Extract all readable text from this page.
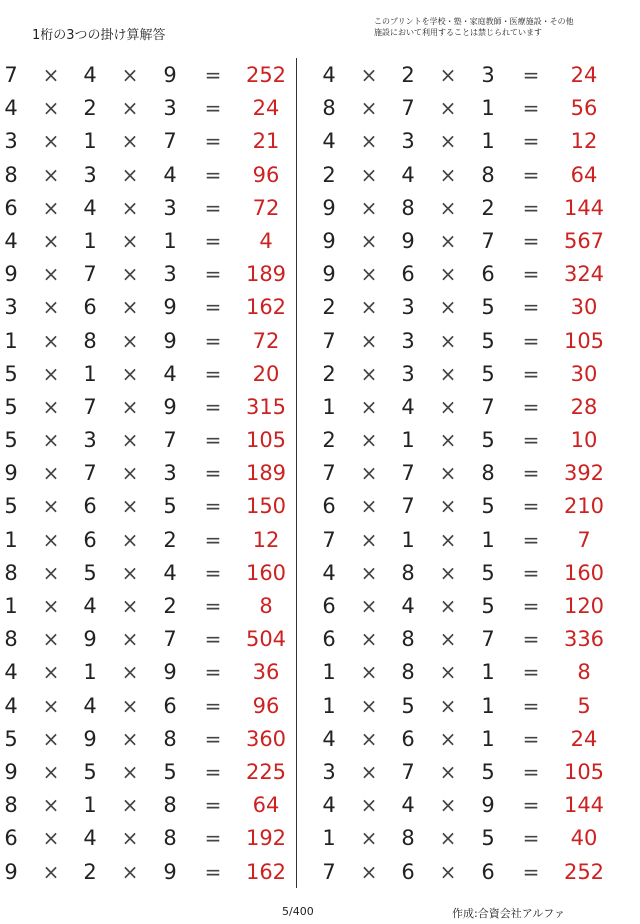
1桁の3つの掛け算解答
このプリントを学校・塾・家庭教師・医療施設・その他
施設において利用することは禁じられています
7	×	4	×	9	=	252
4	×	2	×	3	=	24
3	×	1	×	7	=	21
8	×	3	×	4	=	96
6	×	4	×	3	=	72
4	×	1	×	1	=	4
9	×	7	×	3	=	189
3	×	6	×	9	=	162
1	×	8	×	9	=	72
5	×	1	×	4	=	20
5	×	7	×	9	=	315
5	×	3	×	7	=	105
9	×	7	×	3	=	189
5	×	6	×	5	=	150
1	×	6	×	2	=	12
8	×	5	×	4	=	160
1	×	4	×	2	=	8
8	×	9	×	7	=	504
4	×	1	×	9	=	36
4	×	4	×	6	=	96
5	×	9	×	8	=	360
9	×	5	×	5	=	225
8	×	1	×	8	=	64
6	×	4	×	8	=	192
9	×	2	×	9	=	162
4	×	2	×	3	=	24
8	×	7	×	1	=	56
4	×	3	×	1	=	12
2	×	4	×	8	=	64
9	×	8	×	2	=	144
9	×	9	×	7	=	567
9	×	6	×	6	=	324
2	×	3	×	5	=	30
7	×	3	×	5	=	105
2	×	3	×	5	=	30
1	×	4	×	7	=	28
2	×	1	×	5	=	10
7	×	7	×	8	=	392
6	×	7	×	5	=	210
7	×	1	×	1	=	7
4	×	8	×	5	=	160
6	×	4	×	5	=	120
6	×	8	×	7	=	336
1	×	8	×	1	=	8
1	×	5	×	1	=	5
4	×	6	×	1	=	24
3	×	7	×	5	=	105
4	×	4	×	9	=	144
1	×	8	×	5	=	40
7	×	6	×	6	=	252
5/400	作成:合資会社アルファ
